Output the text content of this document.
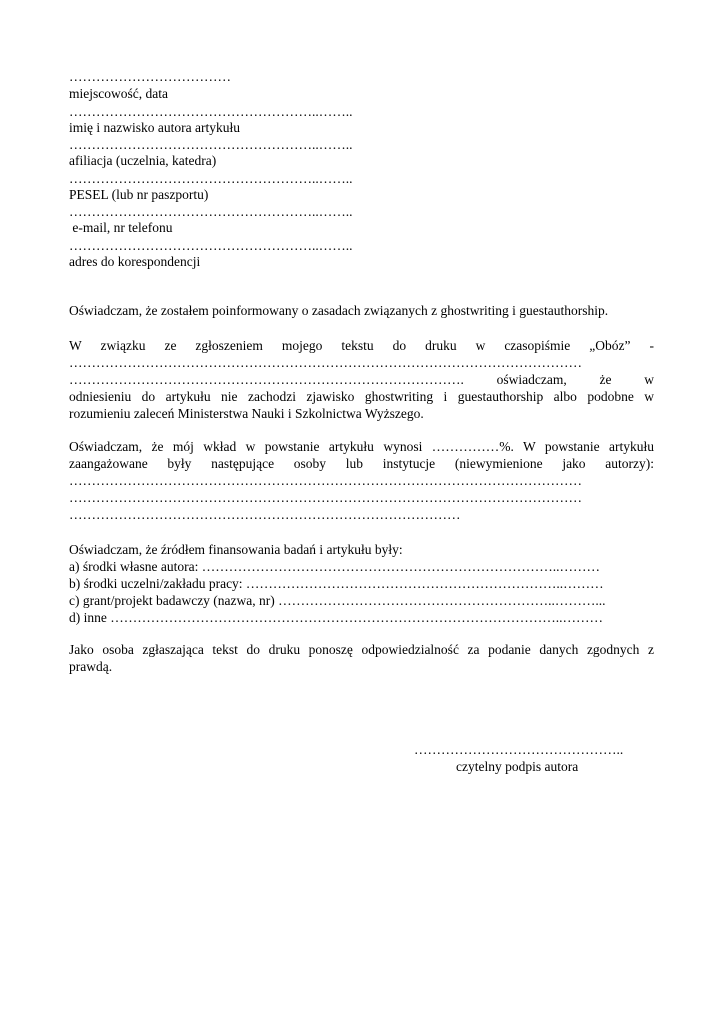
………………………………
miejscowość, data
………………………………………………..……..
imię i nazwisko autora artykułu
………………………………………………..……..
afiliacja (uczelnia, katedra)
………………………………………………..……..
PESEL (lub nr paszportu)
………………………………………………..……..
e-mail, nr telefonu
………………………………………………..……..
adres do korespondencji
Oświadczam, że zostałem poinformowany o zasadach związanych z ghostwriting i guestauthorship.
W związku ze zgłoszeniem mojego tekstu do druku w czasopiśmie „Obóz” -
……………………………………………………………………………………………………
……………………………………………………………………………. oświadczam, że w
odniesieniu do artykułu nie zachodzi zjawisko ghostwriting i guestauthorship albo podobne w
rozumieniu zaleceń Ministerstwa Nauki i Szkolnictwa Wyższego.
Oświadczam, że mój wkład w powstanie artykułu wynosi ……………%. W powstanie artykułu
zaangażowane były następujące osoby lub instytucje (niewymienione jako autorzy):
……………………………………………………………………………………………………
……………………………………………………………………………………………………
……………………………………………………………………………
Oświadczam, że źródłem finansowania badań i artykułu były:
a) środki własne autora: ……………………………………………………………………..………
b) środki uczelni/zakładu pracy: ……………………………………………………………..………
c) grant/projekt badawczy (nazwa, nr) ……………………………………………………..………...
d) inne ………………………………………………………………………………………..………
Jako osoba zgłaszająca tekst do druku ponoszę odpowiedzialność za podanie danych zgodnych z
prawdą.
………………………………………..
czytelny podpis autora
